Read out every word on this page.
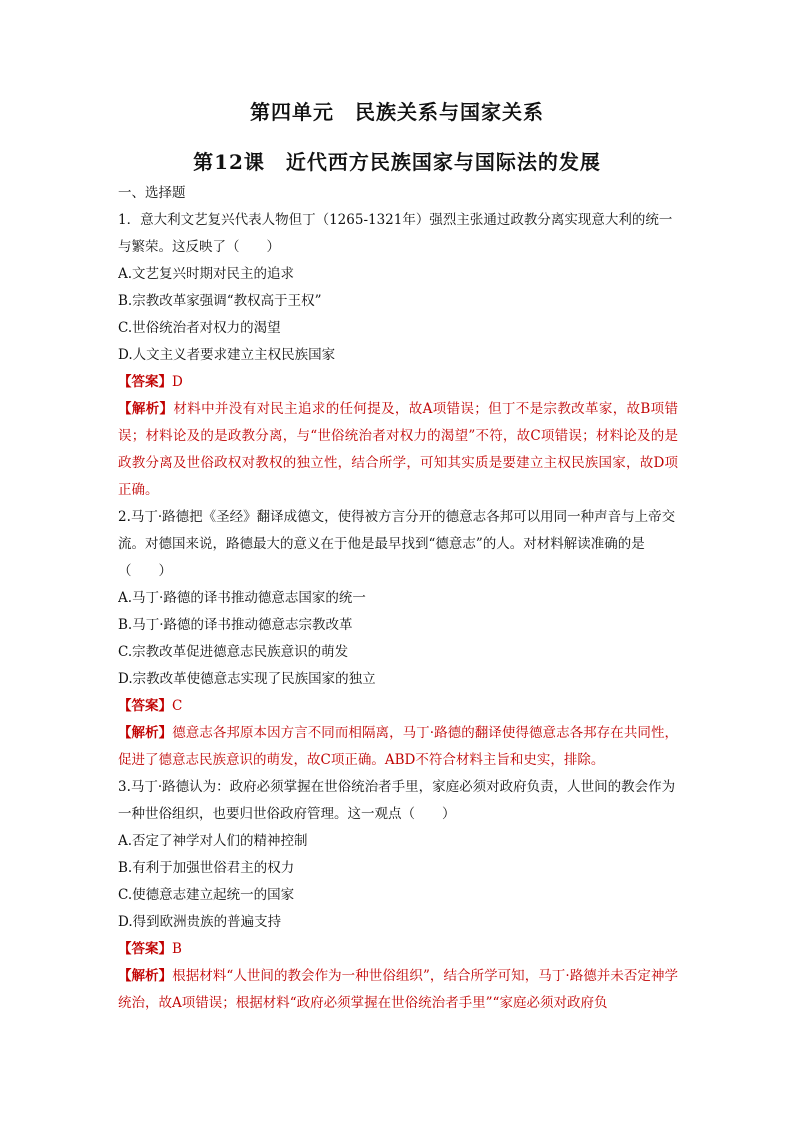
第四单元　民族关系与国家关系
第12课　近代西方民族国家与国际法的发展
一、选择题
1．意大利文艺复兴代表人物但丁（1265-1321年）强烈主张通过政教分离实现意大利的统一与繁荣。这反映了（　　）
A.文艺复兴时期对民主的追求
B.宗教改革家强调“教权高于王权”
C.世俗统治者对权力的渴望
D.人文主义者要求建立主权民族国家
【答案】D
【解析】材料中并没有对民主追求的任何提及，故A项错误；但丁不是宗教改革家，故B项错误；材料论及的是政教分离，与“世俗统治者对权力的渴望”不符，故C项错误；材料论及的是政教分离及世俗政权对教权的独立性，结合所学，可知其实质是要建立主权民族国家，故D项正确。
2.马丁·路德把《圣经》翻译成德文，使得被方言分开的德意志各邦可以用同一种声音与上帝交流。对德国来说，路德最大的意义在于他是最早找到“德意志”的人。对材料解读准确的是（　　）
A.马丁·路德的译书推动德意志国家的统一
B.马丁·路德的译书推动德意志宗教改革
C.宗教改革促进德意志民族意识的萌发
D.宗教改革使德意志实现了民族国家的独立
【答案】C
【解析】德意志各邦原本因方言不同而相隔离，马丁·路德的翻译使得德意志各邦存在共同性，促进了德意志民族意识的萌发，故C项正确。ABD不符合材料主旨和史实，排除。
3.马丁·路德认为：政府必须掌握在世俗统治者手里，家庭必须对政府负责，人世间的教会作为一种世俗组织，也要归世俗政府管理。这一观点（　　）
A.否定了神学对人们的精神控制
B.有利于加强世俗君主的权力
C.使德意志建立起统一的国家
D.得到欧洲贵族的普遍支持
【答案】B
【解析】根据材料“人世间的教会作为一种世俗组织”，结合所学可知，马丁·路德并未否定神学统治，故A项错误；根据材料“政府必须掌握在世俗统治者手里”“家庭必须对政府负
